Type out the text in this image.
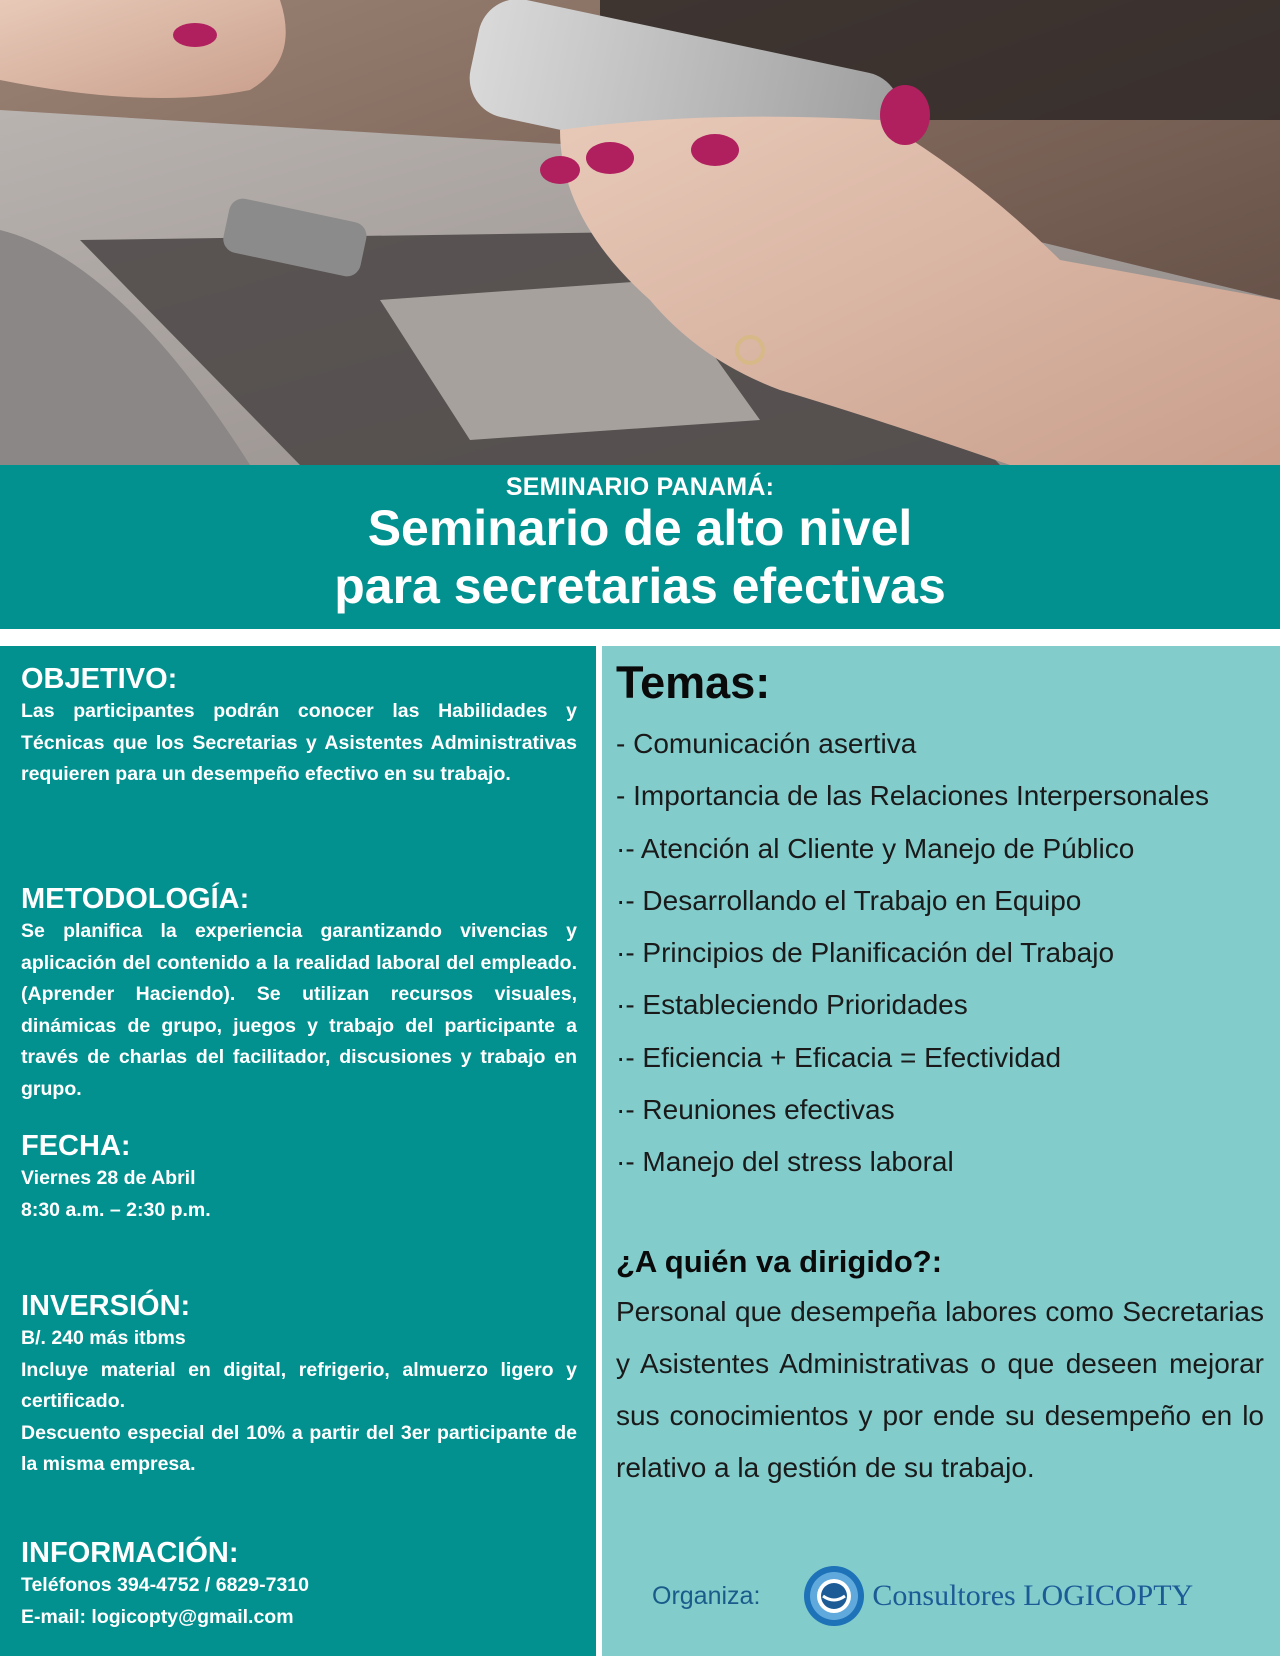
SEMINARIO PANAMÁ:
Seminario de alto nivel
para secretarias efectivas
OBJETIVO:

Las participantes podrán conocer las Habilidades y Técnicas que los Secretarias y Asistentes Administrativas requieren para un desempeño efectivo en su trabajo.

METODOLOGÍA:

Se planifica la experiencia garantizando vivencias y aplicación del contenido a la realidad laboral del empleado. (Aprender Haciendo). Se utilizan recursos visuales, dinámicas de grupo, juegos y trabajo del participante a través de charlas del facilitador, discusiones y trabajo en grupo.

FECHA:
Viernes 28 de Abril
8:30 a.m. – 2:30 p.m.
INVERSIÓN:
B/. 240 más itbms

Incluye material en digital, refrigerio, almuerzo ligero y certificado.

Descuento especial del 10% a partir del 3er participante de la misma empresa.

INFORMACIÓN:
Teléfonos 394-4752 / 6829-7310
E-mail: logicopty@gmail.com
Temas:
- Comunicación asertiva
- Importancia de las Relaciones Interpersonales
·- Atención al Cliente y Manejo de Público
·- Desarrollando el Trabajo en Equipo
·- Principios de Planificación del Trabajo
·- Estableciendo Prioridades
·- Eficiencia + Eficacia = Efectividad
·- Reuniones efectivas
·- Manejo del stress laboral
¿A quién va dirigido?:

Personal que desempeña labores como Secretarias y Asistentes Administrativas o que deseen mejorar sus conocimientos y por ende su desempeño en lo relativo a la gestión de su trabajo.

Organiza:	Consultores LOGICOPTY
